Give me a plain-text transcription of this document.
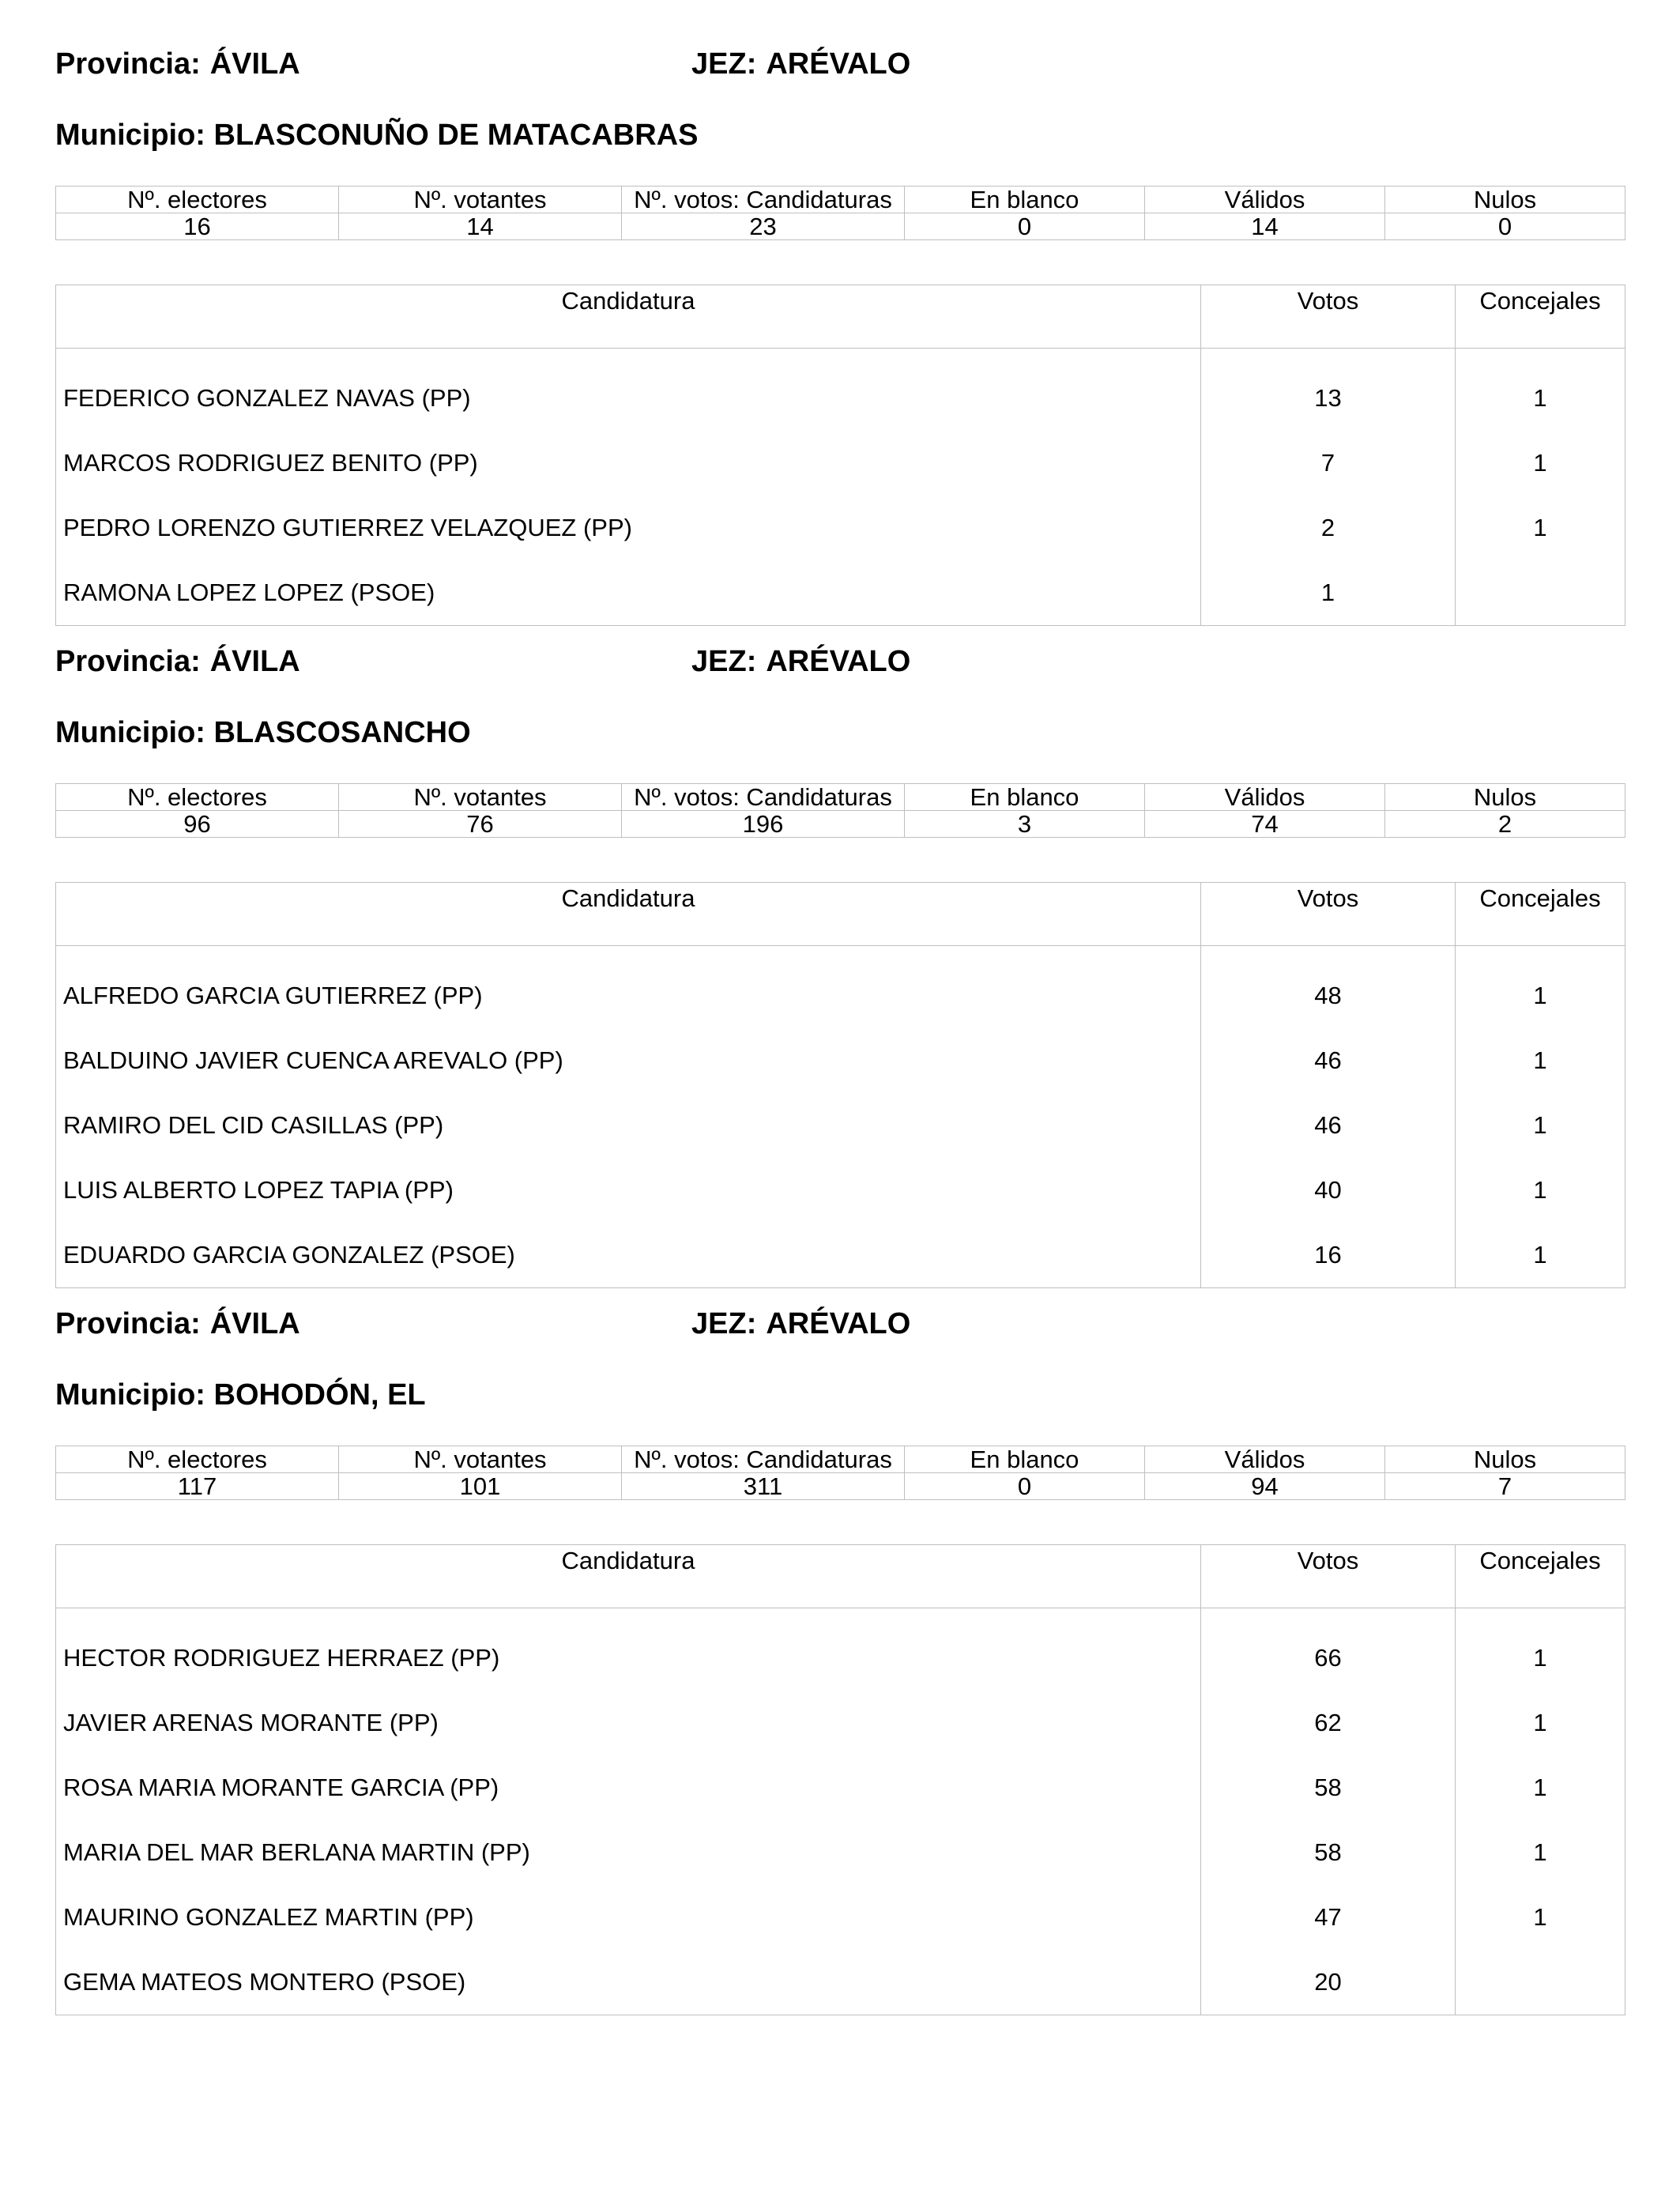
Provincia: ÁVILA	JEZ: ARÉVALO
Municipio: BLASCONUÑO DE MATACABRAS
Nº. electores	Nº. votantes	Nº. votos: Candidaturas	En blanco	Válidos	Nulos
16	14	23	0	14	0
Candidatura	Votos	Concejales

FEDERICO GONZALEZ NAVAS (PP)	13	1
MARCOS RODRIGUEZ BENITO (PP)	7	1
PEDRO LORENZO GUTIERREZ VELAZQUEZ (PP)	2	1
RAMONA LOPEZ LOPEZ (PSOE)	1	
Provincia: ÁVILA	JEZ: ARÉVALO
Municipio: BLASCOSANCHO
Nº. electores	Nº. votantes	Nº. votos: Candidaturas	En blanco	Válidos	Nulos
96	76	196	3	74	2
Candidatura	Votos	Concejales

ALFREDO GARCIA GUTIERREZ (PP)	48	1
BALDUINO JAVIER CUENCA AREVALO (PP)	46	1
RAMIRO DEL CID CASILLAS (PP)	46	1
LUIS ALBERTO LOPEZ TAPIA (PP)	40	1
EDUARDO GARCIA GONZALEZ (PSOE)	16	1
Provincia: ÁVILA	JEZ: ARÉVALO
Municipio: BOHODÓN, EL
Nº. electores	Nº. votantes	Nº. votos: Candidaturas	En blanco	Válidos	Nulos
117	101	311	0	94	7
Candidatura	Votos	Concejales

HECTOR RODRIGUEZ HERRAEZ (PP)	66	1
JAVIER ARENAS MORANTE (PP)	62	1
ROSA MARIA MORANTE GARCIA (PP)	58	1
MARIA DEL MAR BERLANA MARTIN (PP)	58	1
MAURINO GONZALEZ MARTIN (PP)	47	1
GEMA MATEOS MONTERO (PSOE)	20	
